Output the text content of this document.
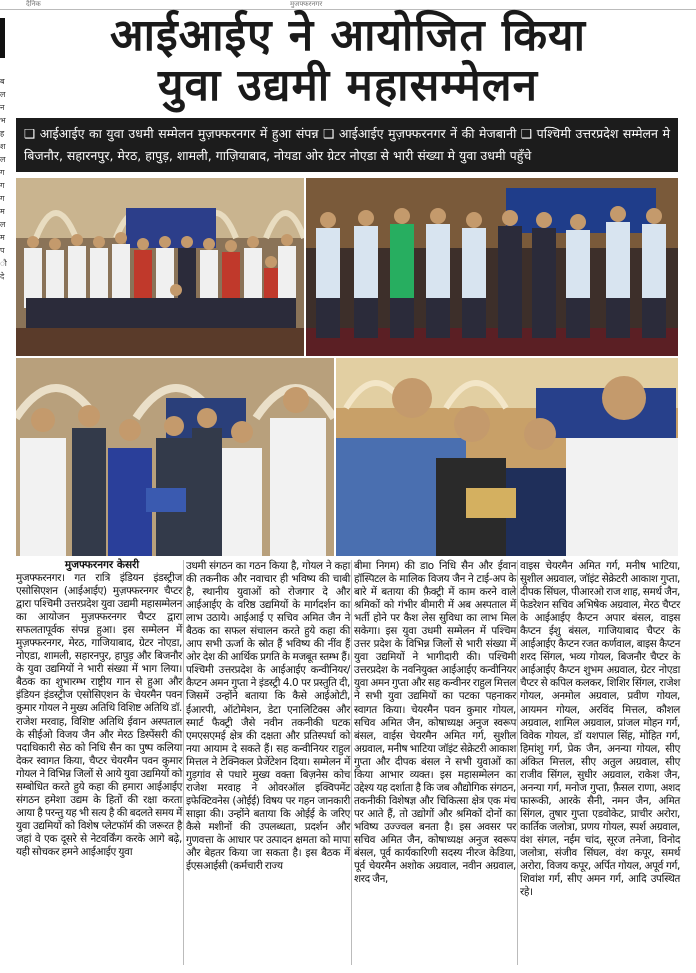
दैनिक	मुजफ्फरनगर
ब
ल
न
भ
ह
श
ल
ग
ग
ग
म
ल
म
प
ौ
दे
आईआईए ने आयोजित किया
युवा उद्यमी महासम्मेलन
❑ आईआईए का युवा उधमी सम्मेलन मुज़फ्फरनगर में हुआ संपन्न ❑ आईआईए मुज़फ्फरनगर नें की मेजबानी ❑ पश्चिमी उत्तरप्रदेश सम्मेलन मे बिजनौर, सहारनपुर, मेरठ, हापुड़, शामली, गाज़ियाबाद, नोयडा ओर ग्रेटर नोएडा से भारी संख्या मे युवा उधमी पहुँचे
मुजफ्फरनगर केसरी
मुजफ्फरनगर। गत रात्रि इंडियन इंडस्ट्रीज एसोसिएशन (आईआईए) मुज़फ्फरनगर चैप्टर द्वारा पश्चिमी उत्तरप्रदेश युवा उद्यमी महासम्मेलन का आयोजन मुज़फ्फरनगर चैप्टर द्वारा सफलतापूर्वक संपन्न हुआ। इस सम्मेलन में मुज़फ्फरनगर, मेरठ, गाजियाबाद, ग्रेटर नोएडा, नोएडा, शामली, सहारनपुर, हापुड़ और बिजनौर के युवा उद्यमियों ने भारी संख्या में भाग लिया। बैठक का शुभारम्भ राष्ट्रीय गान से हुआ और इंडियन इंडस्ट्रीज एसोसिएशन के चेयरमैन पवन कुमार गोयल ने मुख्य अतिथि विशिष्ट अतिथि डॉ. राजेश मरवाह, विशिष्ट अतिथि ईवान अस्पताल के सीईओ विजय जैन और मेरठ डिस्पेंसरी की पदाधिकारी सेठ को निधि सैन का पुष्प कलिया देकर स्वागत किया, चैप्टर चेयरमैन पवन कुमार गोयल ने विभिन्न जिलों से आये युवा उद्यमियों को सम्बोधित करते हुये कहा की हमारा आईआईए संगठन हमेशा उद्यम के हितों की रक्षा करता आया है परन्तु यह भी सत्य है की बदलते समय में युवा उद्यमियों को विशेष प्लेटफॉर्म की जरूरत है जहां वे एक दूसरे से नेटवर्किंग करके आगे बढ़े, यही सोचकर हमने आईआईए युवा
उधमी संगठन का गठन किया है, गोयल ने कहा की तकनीक और नवाचार ही भविष्य की चाबी है, स्थानीय युवाओं को रोजगार दे और आईआईए के वरिष्ठ उद्यमियों के मार्गदर्शन का लाभ उठाये। आईआई ए सचिव अमित जैन ने बैठक का सफल संचालन करते हुये कहा की आप सभी ऊर्जा के स्रोत हैं भविष्य की नींव हैं ओर देश की आर्थिक प्रगति के मजबूत स्तम्भ हैं। पश्चिमी उत्तरप्रदेश के आईआईए कन्वीनियर/कैप्टन अमन गुप्ता ने इंडस्ट्री 4.0 पर प्रस्तुति दी, जिसमें उन्होंने बताया कि कैसे आईओटी, ईआरपी, ऑटोमेशन, डेटा एनालिटिक्स और स्मार्ट फैक्ट्री जैसे नवीन तकनीकी घटक एमएसएमई क्षेत्र की दक्षता और प्रतिस्पर्धा को नया आयाम दे सकते हैं। सह कन्वीनियर राहुल मित्तल ने टेक्निकल प्रेजेंटेशन दिया। सम्मेलन में गुड़गांव से पधारे मुख्य वक्ता बिज़नेस कोच राजेश मरवाह ने ओवरऑल इक्विपमेंट इफेक्टिवनेस (ओईई) विषय पर गहन जानकारी साझा की। उन्होंने बताया कि ओईई के जरिए कैसे मशीनों की उपलब्धता, प्रदर्शन और गुणवत्ता के आधार पर उत्पादन क्षमता को मापा और बेहतर किया जा सकता है। इस बैठक में ईएसआईसी (कर्मचारी राज्य
बीमा निगम) की डाo निधि सैन और ईवान हॉस्पिटल के मालिक विजय जैन ने टाई-अप के बारे में बताया की फ़ैक्ट्री में काम करने वाले श्रमिकों को गंभीर बीमारी में अब अस्पताल में भर्ती होने पर कैश लेस सुविधा का लाभ मिल सकेगा। इस युवा उधमी सम्मेलन में पश्चिम उत्तर प्रदेश के विभिन्न जिलों से भारी संख्या में युवा उद्यमियों ने भागीदारी की। पश्चिमी उत्तरप्रदेश के नवनियुक्त आईआईए कन्वीनियर युवा अमन गुप्ता और सह कन्वीनर राहुल मित्तल ने सभी युवा उद्यमियों का पटका पहनाकर स्वागत किया। चेयरमैन पवन कुमार गोयल, सचिव अमित जैन, कोषाध्यक्ष अनुज स्वरूप बंसल, वाईस चेयरमैन अमित गर्ग, सुशील अग्रवाल, मनीष भाटिया जॉइंट सेक्रेटरी आकाश गुप्ता और दीपक बंसल ने सभी युवाओं का किया आभार व्यक्त। इस महासम्मेलन का उद्देश्य यह दर्शाता है कि जब औद्योगिक संगठन, तकनीकी विशेषज्ञ और चिकित्सा क्षेत्र एक मंच पर आते हैं, तो उद्योगों और श्रमिकों दोनों का भविष्य उज्ज्वल बनता है। इस अवसर पर सचिव अमित जैन, कोषाध्यक्ष अनुज स्वरूप बंसल, पूर्व कार्यकारिणी सदस्य नीरज केडिया, पूर्व चेयरमैन अशोक अग्रवाल, नवीन अग्रवाल, शरद जैन,
वाइस चेयरमैन अमित गर्ग, मनीष भाटिया, सुशील अग्रवाल, जॉइंट सेक्रेटरी आकाश गुप्ता, दीपक सिंघल, पीआरओ राज शाह, समर्थ जैन, फेडरेशन सचिव अभिषेक अग्रवाल, मेरठ चैप्टर के आईआईए कैप्टन अपार बंसल, वाइस कैप्टन ईशु बंसल, गाजियाबाद चैप्टर के आईआईए कैप्टन रजत कर्णवाल, बाइस कैप्टन शरद सिंगल, भव्य गोयल, बिजनौर चैप्टर के आईआईए कैप्टन शुभम अग्रवाल, ग्रेटर नोएडा चैप्टर से कपिल कलकर, शिशिर सिंगल, राजेश गोयल, अनमोल अग्रवाल, प्रवीण गोयल, आयमन गोयल, अरविंद मित्तल, कौशल अग्रवाल, शामिल अग्रवाल, प्रांजल मोहन गर्ग, विवेक गोयल, डॉ यशपाल सिंह, मोहित गर्ग, हिमांशु गर्ग, प्रेक जैन, अनन्या गोयल, सीए अंकित मित्तल, सीए अतुल अग्रवाल, सीए राजीव सिंगल, सुधीर अग्रवाल, राकेश जैन, अनन्या गर्ग, मनोज गुप्ता, फ़ैसल राणा, अशद फारूकी, आरके सैनी, नमन जैन, अमित सिंगल, तुषार गुप्ता एडवोकेट, प्राचीर अरोरा, कार्तिक जलोत्रा, प्रणय गोयल, स्पर्श अग्रवाल, वंश संगल, नईम चांद, सूरज तनेजा, विनोद जलोत्रा, संजीव सिंघल, वंश कपूर, समर्थ अरोरा, विजय कपूर, अर्पित गोयल, अपूर्व गर्ग, शिवांश गर्ग, सीए अमन गर्ग, आदि उपस्थित रहे।
